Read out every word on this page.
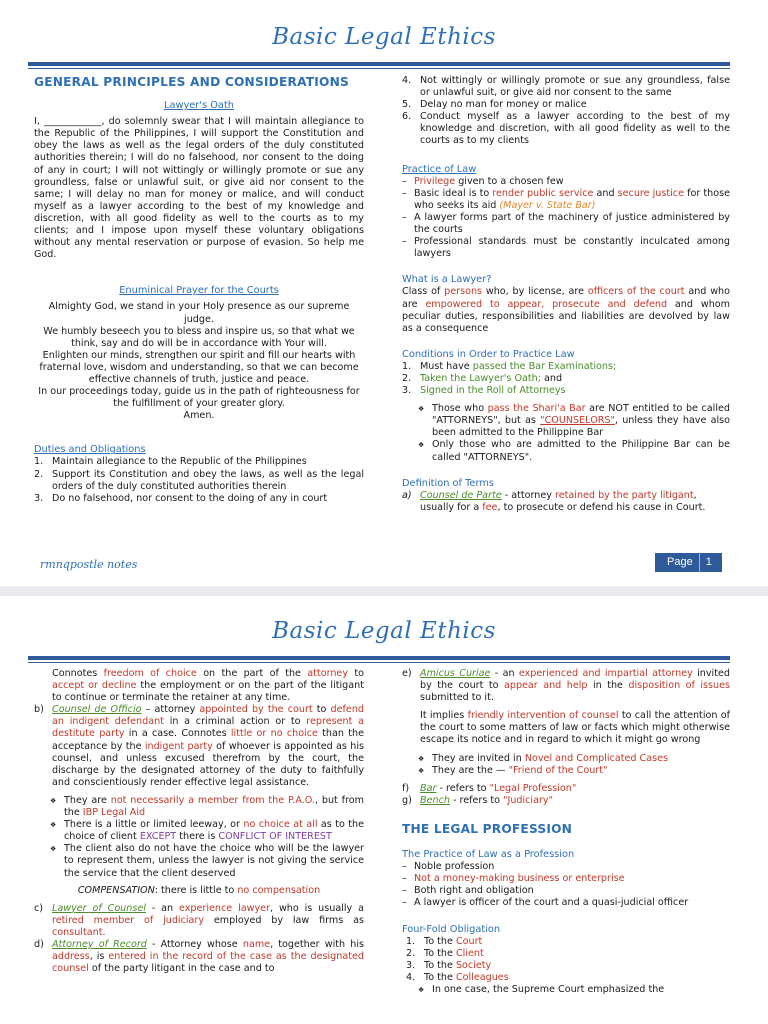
Basic Legal Ethics

GENERAL PRINCIPLES AND CONSIDERATIONS

Lawyer's Oath

I, ____________, do solemnly swear that I will maintain allegiance to the Republic of the Philippines, I will support the Constitution and obey the laws as well as the legal orders of the duly constituted authorities therein; I will do no falsehood, nor consent to the doing of any in court; I will not wittingly or willingly promote or sue any groundless, false or unlawful suit, or give aid nor consent to the same; I will delay no man for money or malice, and will conduct myself as a lawyer according to the best of my knowledge and discretion, with all good fidelity as well to the courts as to my clients; and I impose upon myself these voluntary obligations without any mental reservation or purpose of evasion. So help me God.

Enuminical Prayer for the Courts

Almighty God, we stand in your Holy presence as our supreme judge.

We humbly beseech you to bless and inspire us, so that what we think, say and do will be in accordance with Your will.

Enlighten our minds, strengthen our spirit and fill our hearts with fraternal love, wisdom and understanding, so that we can become effective channels of truth, justice and peace.

In our proceedings today, guide us in the path of righteousness for the fulfillment of your greater glory.

Amen.

Duties and Obligations

1. Maintain allegiance to the Republic of the Philippines
2. Support its Constitution and obey the laws, as well as the legal orders of the duly constituted authorities therein
3. Do no falsehood, nor consent to the doing of any in court
4. Not wittingly or willingly promote or sue any groundless, false or unlawful suit, or give aid nor consent to the same
5. Delay no man for money or malice
6. Conduct myself as a lawyer according to the best of my knowledge and discretion, with all good fidelity as well to the courts as to my clients

Practice of Law

– Privilege given to a chosen few
– Basic ideal is to render public service and secure justice for those who seeks its aid (Mayer v. State Bar)
– A lawyer forms part of the machinery of justice administered by the courts
– Professional standards must be constantly inculcated among lawyers

What is a Lawyer?

Class of persons who, by license, are officers of the court and who are empowered to appear, prosecute and defend and whom peculiar duties, responsibilities and liabilities are devolved by law as a consequence

Conditions in Order to Practice Law

1. Must have passed the Bar Examinations;
2. Taken the Lawyer's Oath; and
3. Signed in the Roll of Attorneys
❖ Those who pass the Shari'a Bar are NOT entitled to be called "ATTORNEYS", but as "COUNSELORS", unless they have also been admitted to the Philippine Bar
❖ Only those who are admitted to the Philippine Bar can be called "ATTORNEYS".

Definition of Terms

a) Counsel de Parte - attorney retained by the party litigant, usually for a fee, to prosecute or defend his cause in Court.
rmnqpostle notes	Page 1
Basic Legal Ethics

Connotes freedom of choice on the part of the attorney to accept or decline the employment or on the part of the litigant to continue or terminate the retainer at any time.

b) Counsel de Officio – attorney appointed by the court to defend an indigent defendant in a criminal action or to represent a destitute party in a case. Connotes little or no choice than the acceptance by the indigent party of whoever is appointed as his counsel, and unless excused therefrom by the court, the discharge by the designated attorney of the duty to faithfully and conscientiously render effective legal assistance.
❖ They are not necessarily a member from the P.A.O., but from the IBP Legal Aid
❖ There is a little or limited leeway, or no choice at all as to the choice of client EXCEPT there is CONFLICT OF INTEREST
❖ The client also do not have the choice who will be the lawyer to represent them, unless the lawyer is not giving the service the service that the client deserved

COMPENSATION: there is little to no compensation

c) Lawyer of Counsel - an experience lawyer, who is usually a retired member of judiciary employed by law firms as consultant.
d) Attorney of Record - Attorney whose name, together with his address, is entered in the record of the case as the designated counsel of the party litigant in the case and to
e) Amicus Curiae - an experienced and impartial attorney invited by the court to appear and help in the disposition of issues submitted to it.

It implies friendly intervention of counsel to call the attention of the court to some matters of law or facts which might otherwise escape its notice and in regard to which it might go wrong

❖ They are invited in Novel and Complicated Cases
❖ They are the — "Friend of the Court"
f)	Bar - refers to "Legal Profession"
g) Bench - refers to "Judiciary"

THE LEGAL PROFESSION

The Practice of Law as a Profession

– Noble profession
– Not a money-making business or enterprise
– Both right and obligation
– A lawyer is officer of the court and a quasi-judicial officer

Four-Fold Obligation

1. To the Court
2. To the Client
3. To the Society
4. To the Colleagues
❖ In one case, the Supreme Court emphasized the
